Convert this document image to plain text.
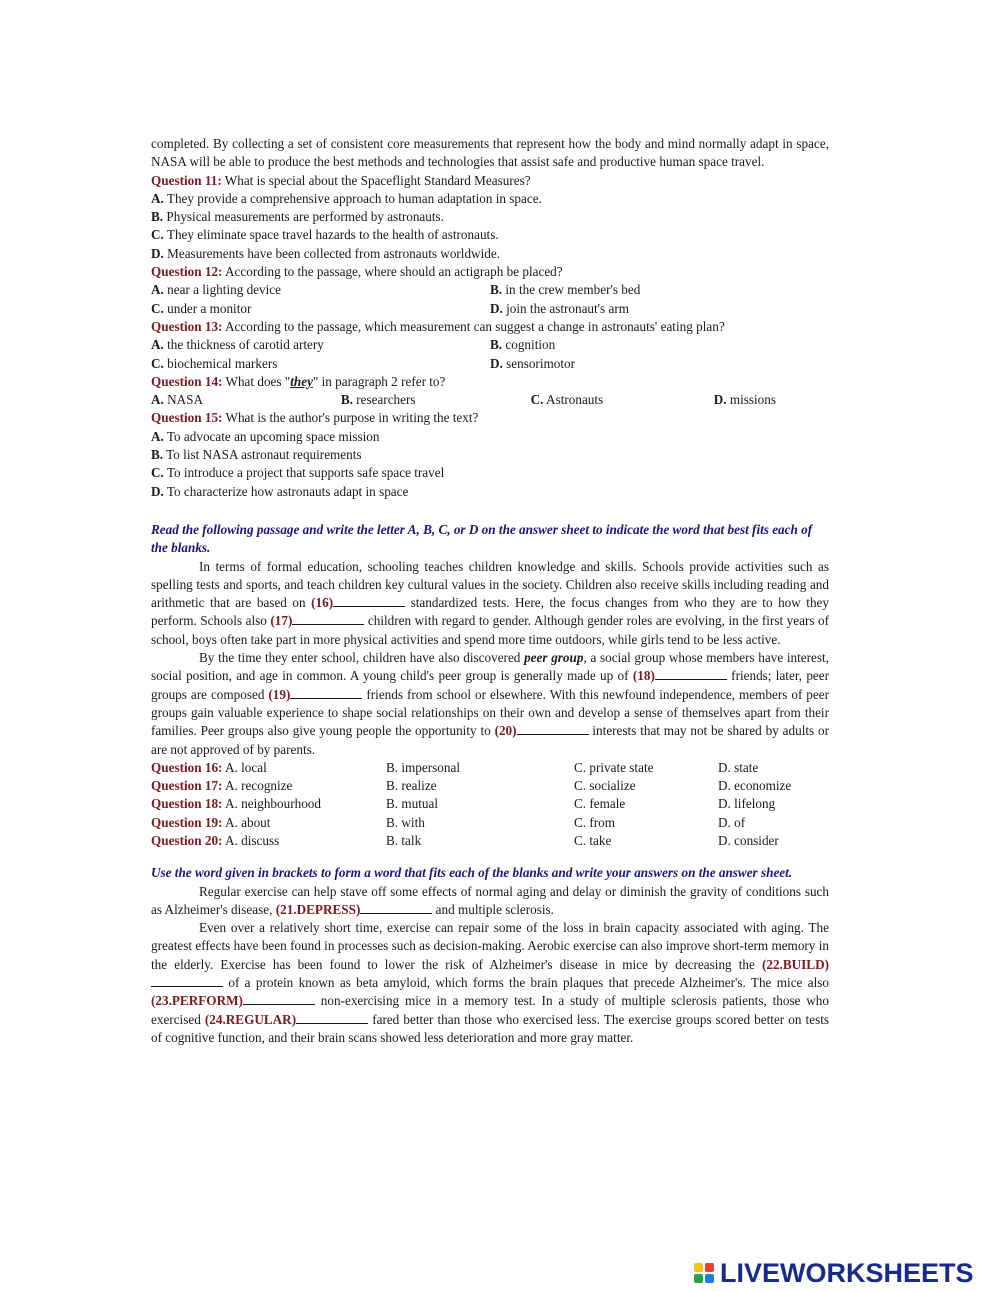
completed. By collecting a set of consistent core measurements that represent how the body and mind normally adapt in space, NASA will be able to produce the best methods and technologies that assist safe and productive human space travel.

Question 11: What is special about the Spaceflight Standard Measures?

A. They provide a comprehensive approach to human adaptation in space.

B. Physical measurements are performed by astronauts.

C. They eliminate space travel hazards to the health of astronauts.

D. Measurements have been collected from astronauts worldwide.

Question 12: According to the passage, where should an actigraph be placed?

A. near a lighting device	B. in the crew member's bed
C. under a monitor	D. join the astronaut's arm

Question 13: According to the passage, which measurement can suggest a change in astronauts' eating plan?

A. the thickness of carotid artery	B. cognition
C. biochemical markers	D. sensorimotor

Question 14: What does "they" in paragraph 2 refer to?

A. NASA	B. researchers	C. Astronauts	D. missions

Question 15: What is the author's purpose in writing the text?

A. To advocate an upcoming space mission

B. To list NASA astronaut requirements

C. To introduce a project that supports safe space travel

D. To characterize how astronauts adapt in space

Read the following passage and write the letter A, B, C, or D on the answer sheet to indicate the word that best fits each of the blanks.

In terms of formal education, schooling teaches children knowledge and skills. Schools provide activities such as spelling tests and sports, and teach children key cultural values in the society. Children also receive skills including reading and arithmetic that are based on (16)	standardized tests. Here, the focus changes from who they are to how they perform. Schools also (17)	children with regard to gender. Although gender roles are evolving, in the first years of school, boys often take part in more physical activities and spend more time outdoors, while girls tend to be less active.

By the time they enter school, children have also discovered peer group, a social group whose members have interest, social position, and age in common. A young child's peer group is generally made up of (18)	friends; later, peer groups are composed (19)	friends from school or elsewhere. With this newfound independence, members of peer groups gain valuable experience to shape social relationships on their own and develop a sense of themselves apart from their families. Peer groups also give young people the opportunity to (20)	interests that may not be shared by adults or are not approved of by parents.

Question 16: A. local	B. impersonal	C. private state	D. state
Question 17: A. recognize	B. realize	C. socialize	D. economize
Question 18: A. neighbourhood	B. mutual	C. female	D. lifelong
Question 19: A. about	B. with	C. from	D. of
Question 20: A. discuss	B. talk	C. take	D. consider

Use the word given in brackets to form a word that fits each of the blanks and write your answers on the answer sheet.

Regular exercise can help stave off some effects of normal aging and delay or diminish the gravity of conditions such as Alzheimer's disease, (21.DEPRESS)	and multiple sclerosis.

Even over a relatively short time, exercise can repair some of the loss in brain capacity associated with aging. The greatest effects have been found in processes such as decision-making. Aerobic exercise can also improve short-term memory in the elderly. Exercise has been found to lower the risk of Alzheimer's disease in mice by decreasing the (22.BUILD) of a protein known as beta amyloid, which forms the brain plaques that precede Alzheimer's. The mice also (23.PERFORM)	non-exercising mice in a memory test. In a study of multiple sclerosis patients, those who exercised (24.REGULAR)	fared better than those who exercised less. The exercise groups scored better on tests of cognitive function, and their brain scans showed less deterioration and more gray matter.

LIVEWORKSHEETS
